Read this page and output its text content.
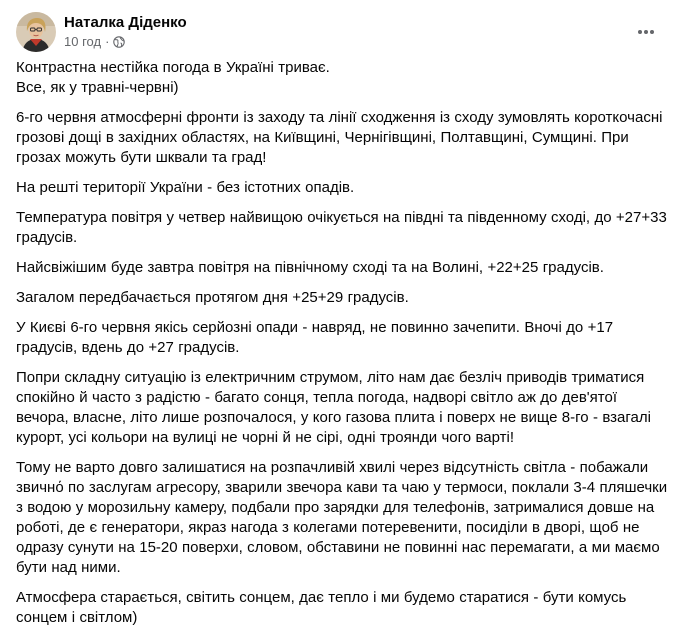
Наталка Діденко
10 год ·

Контрастна нестійка погода в Україні триває.
Все, як у травні-червні)

6-го червня атмосферні фронти із заходу та лінії сходження із сходу зумовлять короткочасні грозові дощі в західних областях, на Київщині, Чернігівщині, Полтавщині, Сумщині. При грозах можуть бути шквали та град!

На решті території України - без істотних опадів.

Температура повітря у четвер найвищою очікується на півдні та південному сході, до +27+33 градусів.

Найсвіжішим буде завтра повітря на північному сході та на Волині, +22+25 градусів.

Загалом передбачається протягом дня +25+29 градусів.

У Києві 6-го червня якісь серйозні опади - навряд, не повинно зачепити. Вночі до +17 градусів, вдень до +27 градусів.

Попри складну ситуацію із електричним струмом, літо нам дає безліч приводів триматися спокійно й часто з радістю - багато сонця, тепла погода, надворі світло аж до дев'ятої вечора, власне, літо лише розпочалося, у кого газова плита і поверх не вище 8-го - взагалі курорт, усі кольори на вулиці не чорні й не сірі, одні троянди чого варті!

Тому не варто довго залишатися на розпачливій хвилі через відсутність світла - побажали звичнό по заслугам агресору, зварили звечора кави та чаю у термоси, поклали 3-4 пляшечки з водою у морозильну камеру, подбали про зарядки для телефонів, затрималися довше на роботі, де є генератори, якраз нагода з колегами потеревенити, посиділи в дворі, щоб не одразу сунути на 15-20 поверхи, словом, обставини не повинні нас перемагати, а ми маємо бути над ними.

Атмосфера старається, світить сонцем, дає тепло і ми будемо старатися - бути комусь сонцем і світлом)
